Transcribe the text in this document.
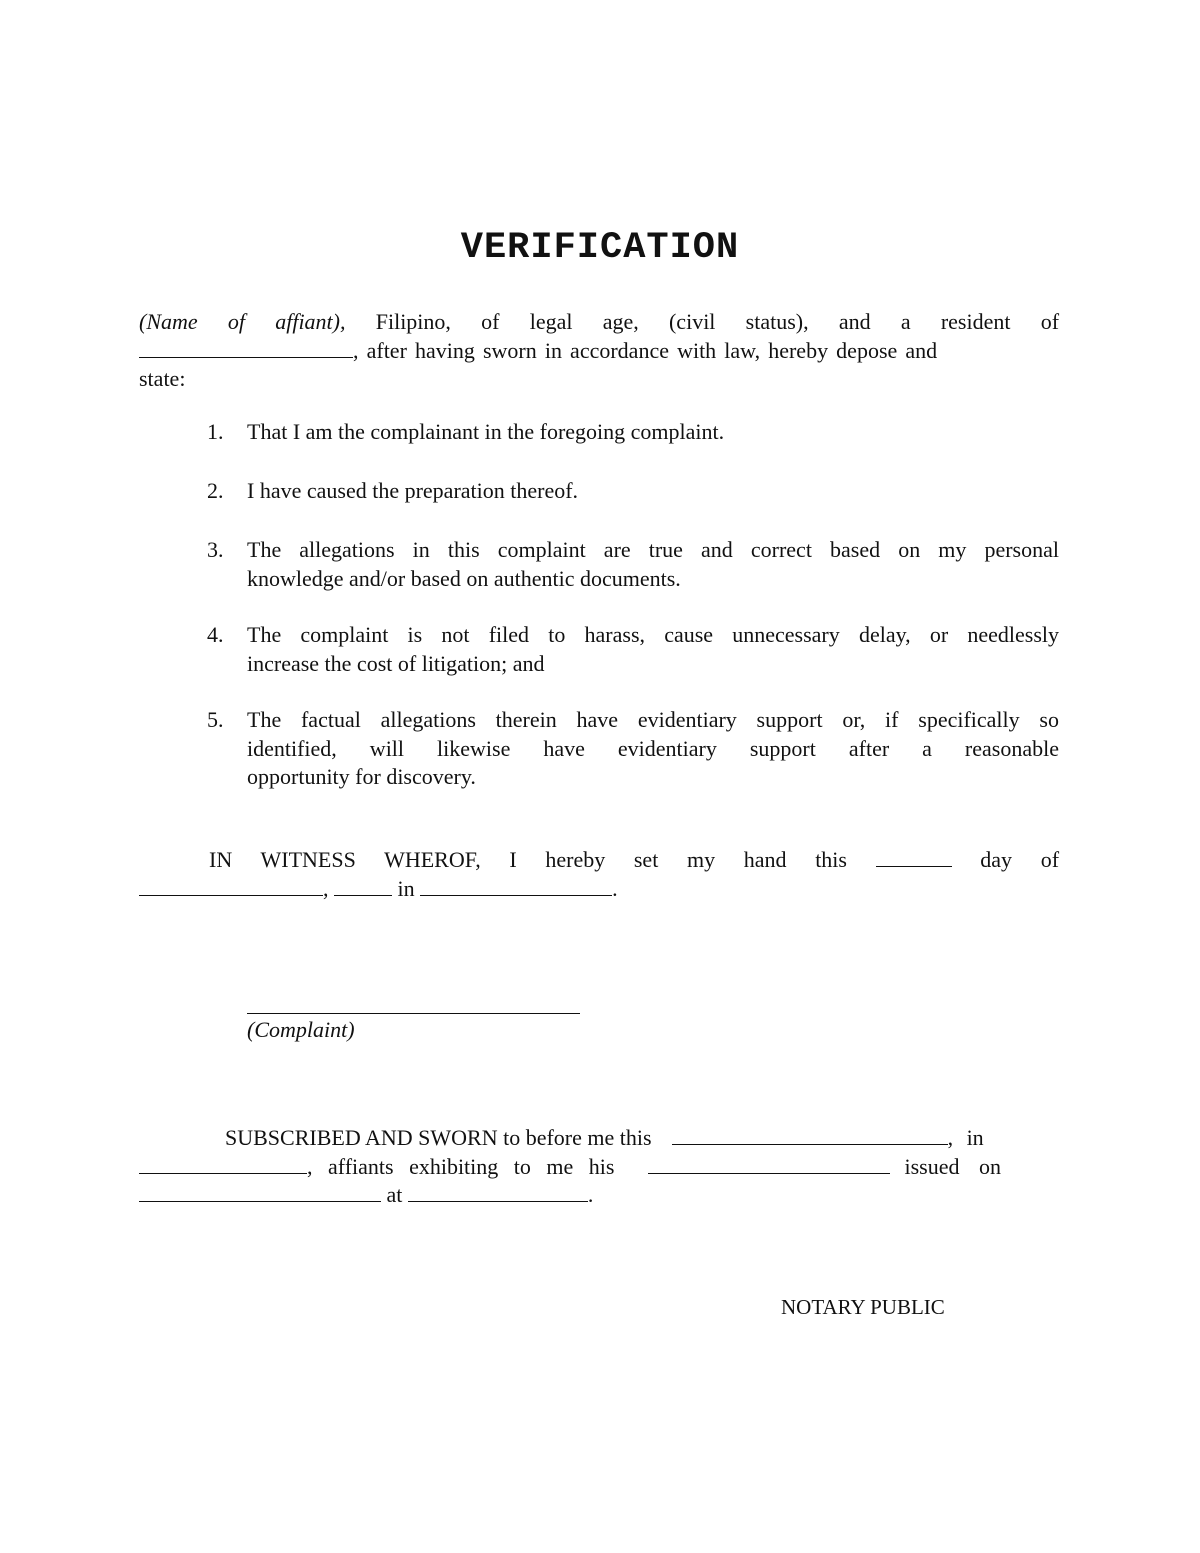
VERIFICATION
(Name of affiant), Filipino, of legal age, (civil status), and a resident of
, after having sworn in accordance with law, hereby depose and
state:
1.	That I am the complainant in the foregoing complaint.
2.	I have caused the preparation thereof.
3.	The allegations in this complaint are true and correct based on my personal
knowledge and/or based on authentic documents.
4.	The complaint is not filed to harass, cause unnecessary delay, or needlessly
increase the cost of litigation; and
5.	The factual allegations therein have evidentiary support or, if specifically so
identified, will likewise have evidentiary support after a reasonable
opportunity for discovery.
IN WITNESS WHEROF, I hereby set my hand this	day of
,	in	.
(Complaint)
SUBSCRIBED AND SWORN to before me this	, in
, affiants exhibiting to me his	issued on
at	.
NOTARY PUBLIC
